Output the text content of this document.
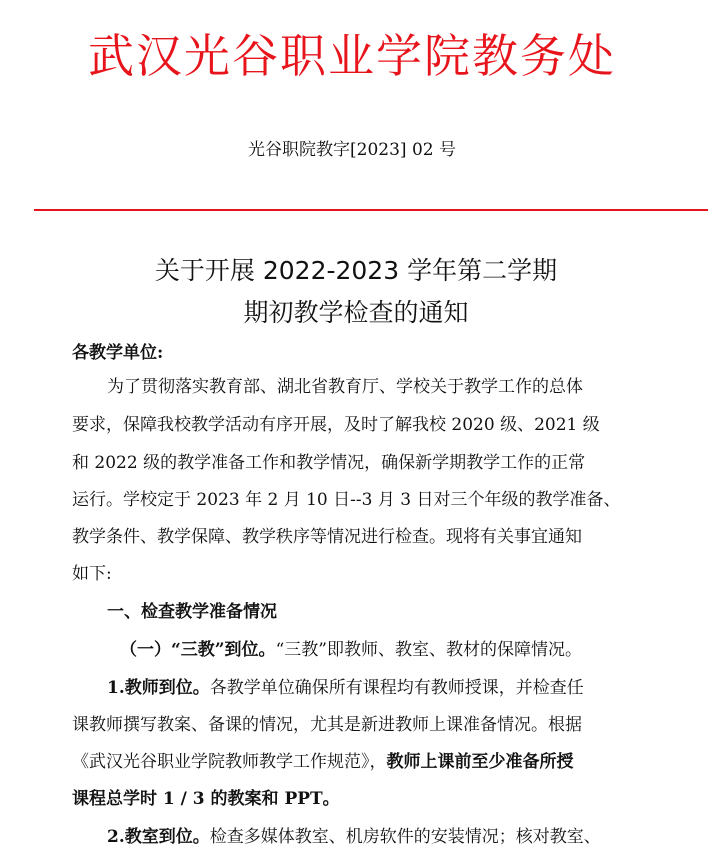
武汉光谷职业学院教务处
光谷职院教字[2023] 02 号
关于开展 2022-2023 学年第二学期
期初教学检查的通知
各教学单位:
为了贯彻落实教育部、湖北省教育厅、学校关于教学工作的总体
要求，保障我校教学活动有序开展，及时了解我校 2020 级、2021 级
和 2022 级的教学准备工作和教学情况，确保新学期教学工作的正常
运行。学校定于 2023 年 2 月 10 日--3 月 3 日对三个年级的教学准备、
教学条件、教学保障、教学秩序等情况进行检查。现将有关事宜通知
如下:
一、检查教学准备情况
（一）“三教”到位。“三教”即教师、教室、教材的保障情况。
1.教师到位。各教学单位确保所有课程均有教师授课，并检查任
课教师撰写教案、备课的情况，尤其是新进教师上课准备情况。根据
《武汉光谷职业学院教师教学工作规范》，教师上课前至少准备所授
课程总学时 1 / 3 的教案和 PPT。
2.教室到位。检查多媒体教室、机房软件的安装情况；核对教室、
